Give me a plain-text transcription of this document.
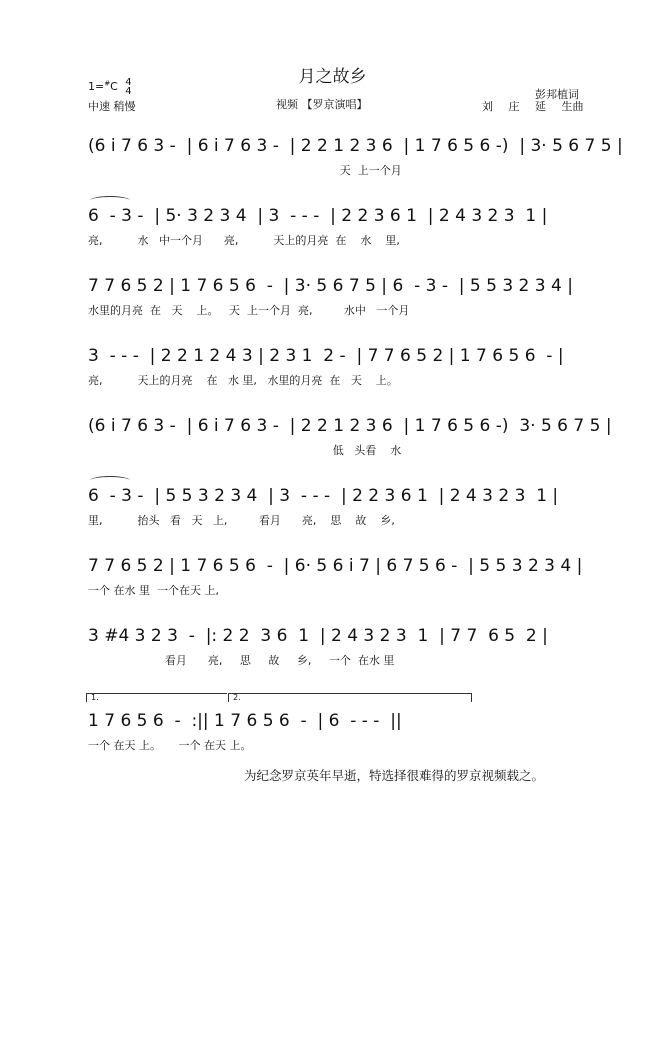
月之故乡
1=#C 4
4
中速 稍慢	视频 【罗京演唱】
彭邦植词
刘 庄 延 生曲
(6 i 7 6 3 -  | 6 i 7 6 3 -  | 2 2 1 2 3 6  | 1 7 6 5 6 -)  | 3· 5 6 7 5 |
天  上一个月
6  - 3 -  | 5· 3 2 3 4  | 3  - - -  | 2 2 3 6 1  | 2 4 3 2 3  1 |
亮,          水   中一个月      亮,          天上的月亮  在    水    里,
7 7 6 5 2 | 1 7 6 5 6  -  | 3· 5 6 7 5 | 6  - 3 -  | 5 5 3 2 3 4 |
水里的月亮  在   天    上。   天  上一个月  亮,         水中   一个月
3  - - -  | 2 2 1 2 4 3 | 2 3 1  2 -  | 7 7 6 5 2 | 1 7 6 5 6  - |
亮,          天上的月亮    在   水 里,   水里的月亮  在   天    上。
(6 i 7 6 3 -  | 6 i 7 6 3 -  | 2 2 1 2 3 6  | 1 7 6 5 6 -)  3· 5 6 7 5 |
低   头看    水
6  - 3 -  | 5 5 3 2 3 4  | 3  - - -  | 2 2 3 6 1  | 2 4 3 2 3  1 |
里,          抬头   看   天   上,         看月      亮,    思    故    乡,
7 7 6 5 2 | 1 7 6 5 6  -  | 6· 5 6 i 7 | 6 7 5 6 -  | 5 5 3 2 3 4 |
一个 在水 里  一个在天 上,
3 #4 3 2 3  -  |: 2 2  3 6  1  | 2 4 3 2 3  1  | 7 7  6 5  2 |
看月      亮,     思     故     乡,     一个  在水 里
1.	2.
1 7 6 5 6  -  :|| 1 7 6 5 6  -  | 6  - - -  ||
一个 在天 上。     一个 在天 上。
为纪念罗京英年早逝，特选择很难得的罗京视频载之。
